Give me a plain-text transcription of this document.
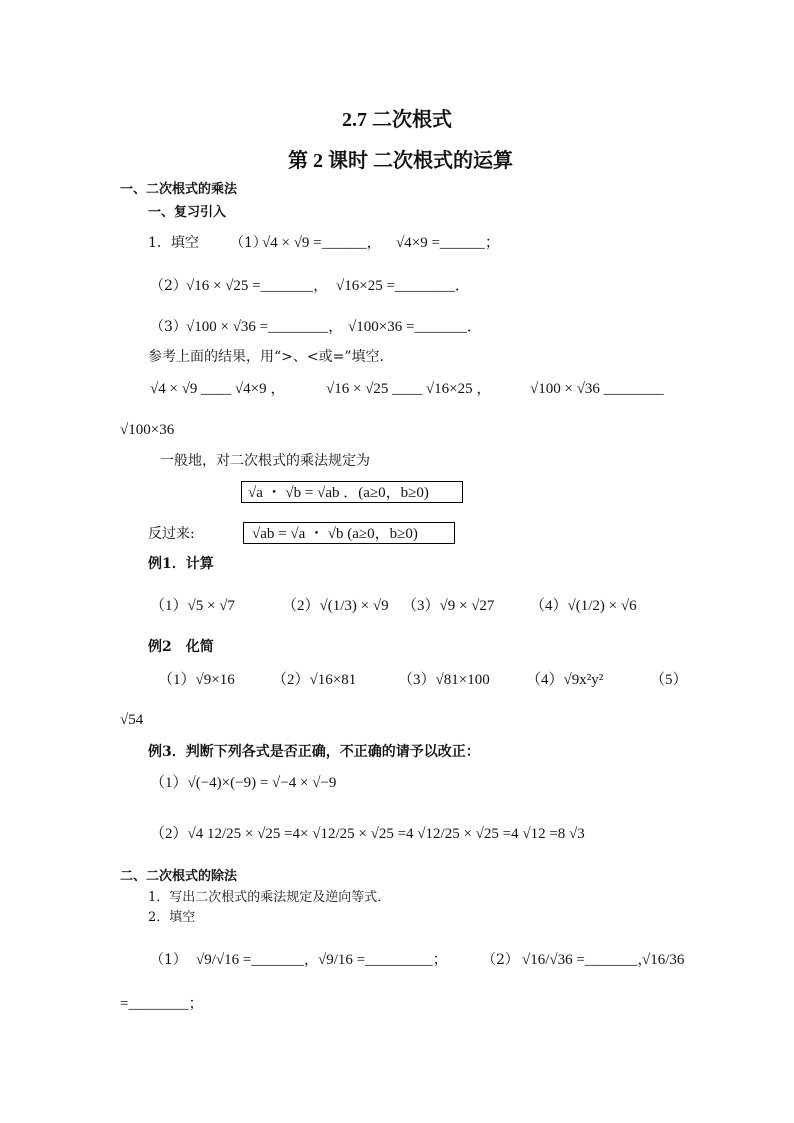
2.7 二次根式
第 2 课时 二次根式的运算
一、二次根式的乘法
一、复习引入
1．填空 （1）
√4 × √9 =______， √4×9 =______；
（2） √16 × √25 =_______， √16×25 =________．
（3） √100 × √36 =________， √100×36 =_______．
参考上面的结果，用“>、<或=”填空．
√4 × √9 ____ √4×9 ，	√16 × √25 ____ √16×25 ，	√100 × √36 ________
√100×36
一般地，对二次根式的乘法规定为
√a ・ √b = √ab ．(a≥0，b≥0)
反过来:	√ab = √a ・ √b (a≥0，b≥0)
例1．计算
（1）√5 × √7	（2）√(1/3) × √9 （3）√9 × √27 （4）√(1/2) × √6
例2　化简
（1）√9×16 （2）√16×81	（3）√81×100 （4）√9x²y²	（5）
√54
例3．判断下列各式是否正确，不正确的请予以改正：
（1）√(−4)×(−9) = √−4 × √−9
（2）√4 12/25 × √25 =4× √12/25 × √25 =4 √12/25 × √25 =4 √12 =8 √3
二、二次根式的除法
1．写出二次根式的乘法规定及逆向等式．
2．填空
（1） √9/√16 =_______， √9/16 =_________； （2） √16/√36 =_______，
√16/36
=________；
